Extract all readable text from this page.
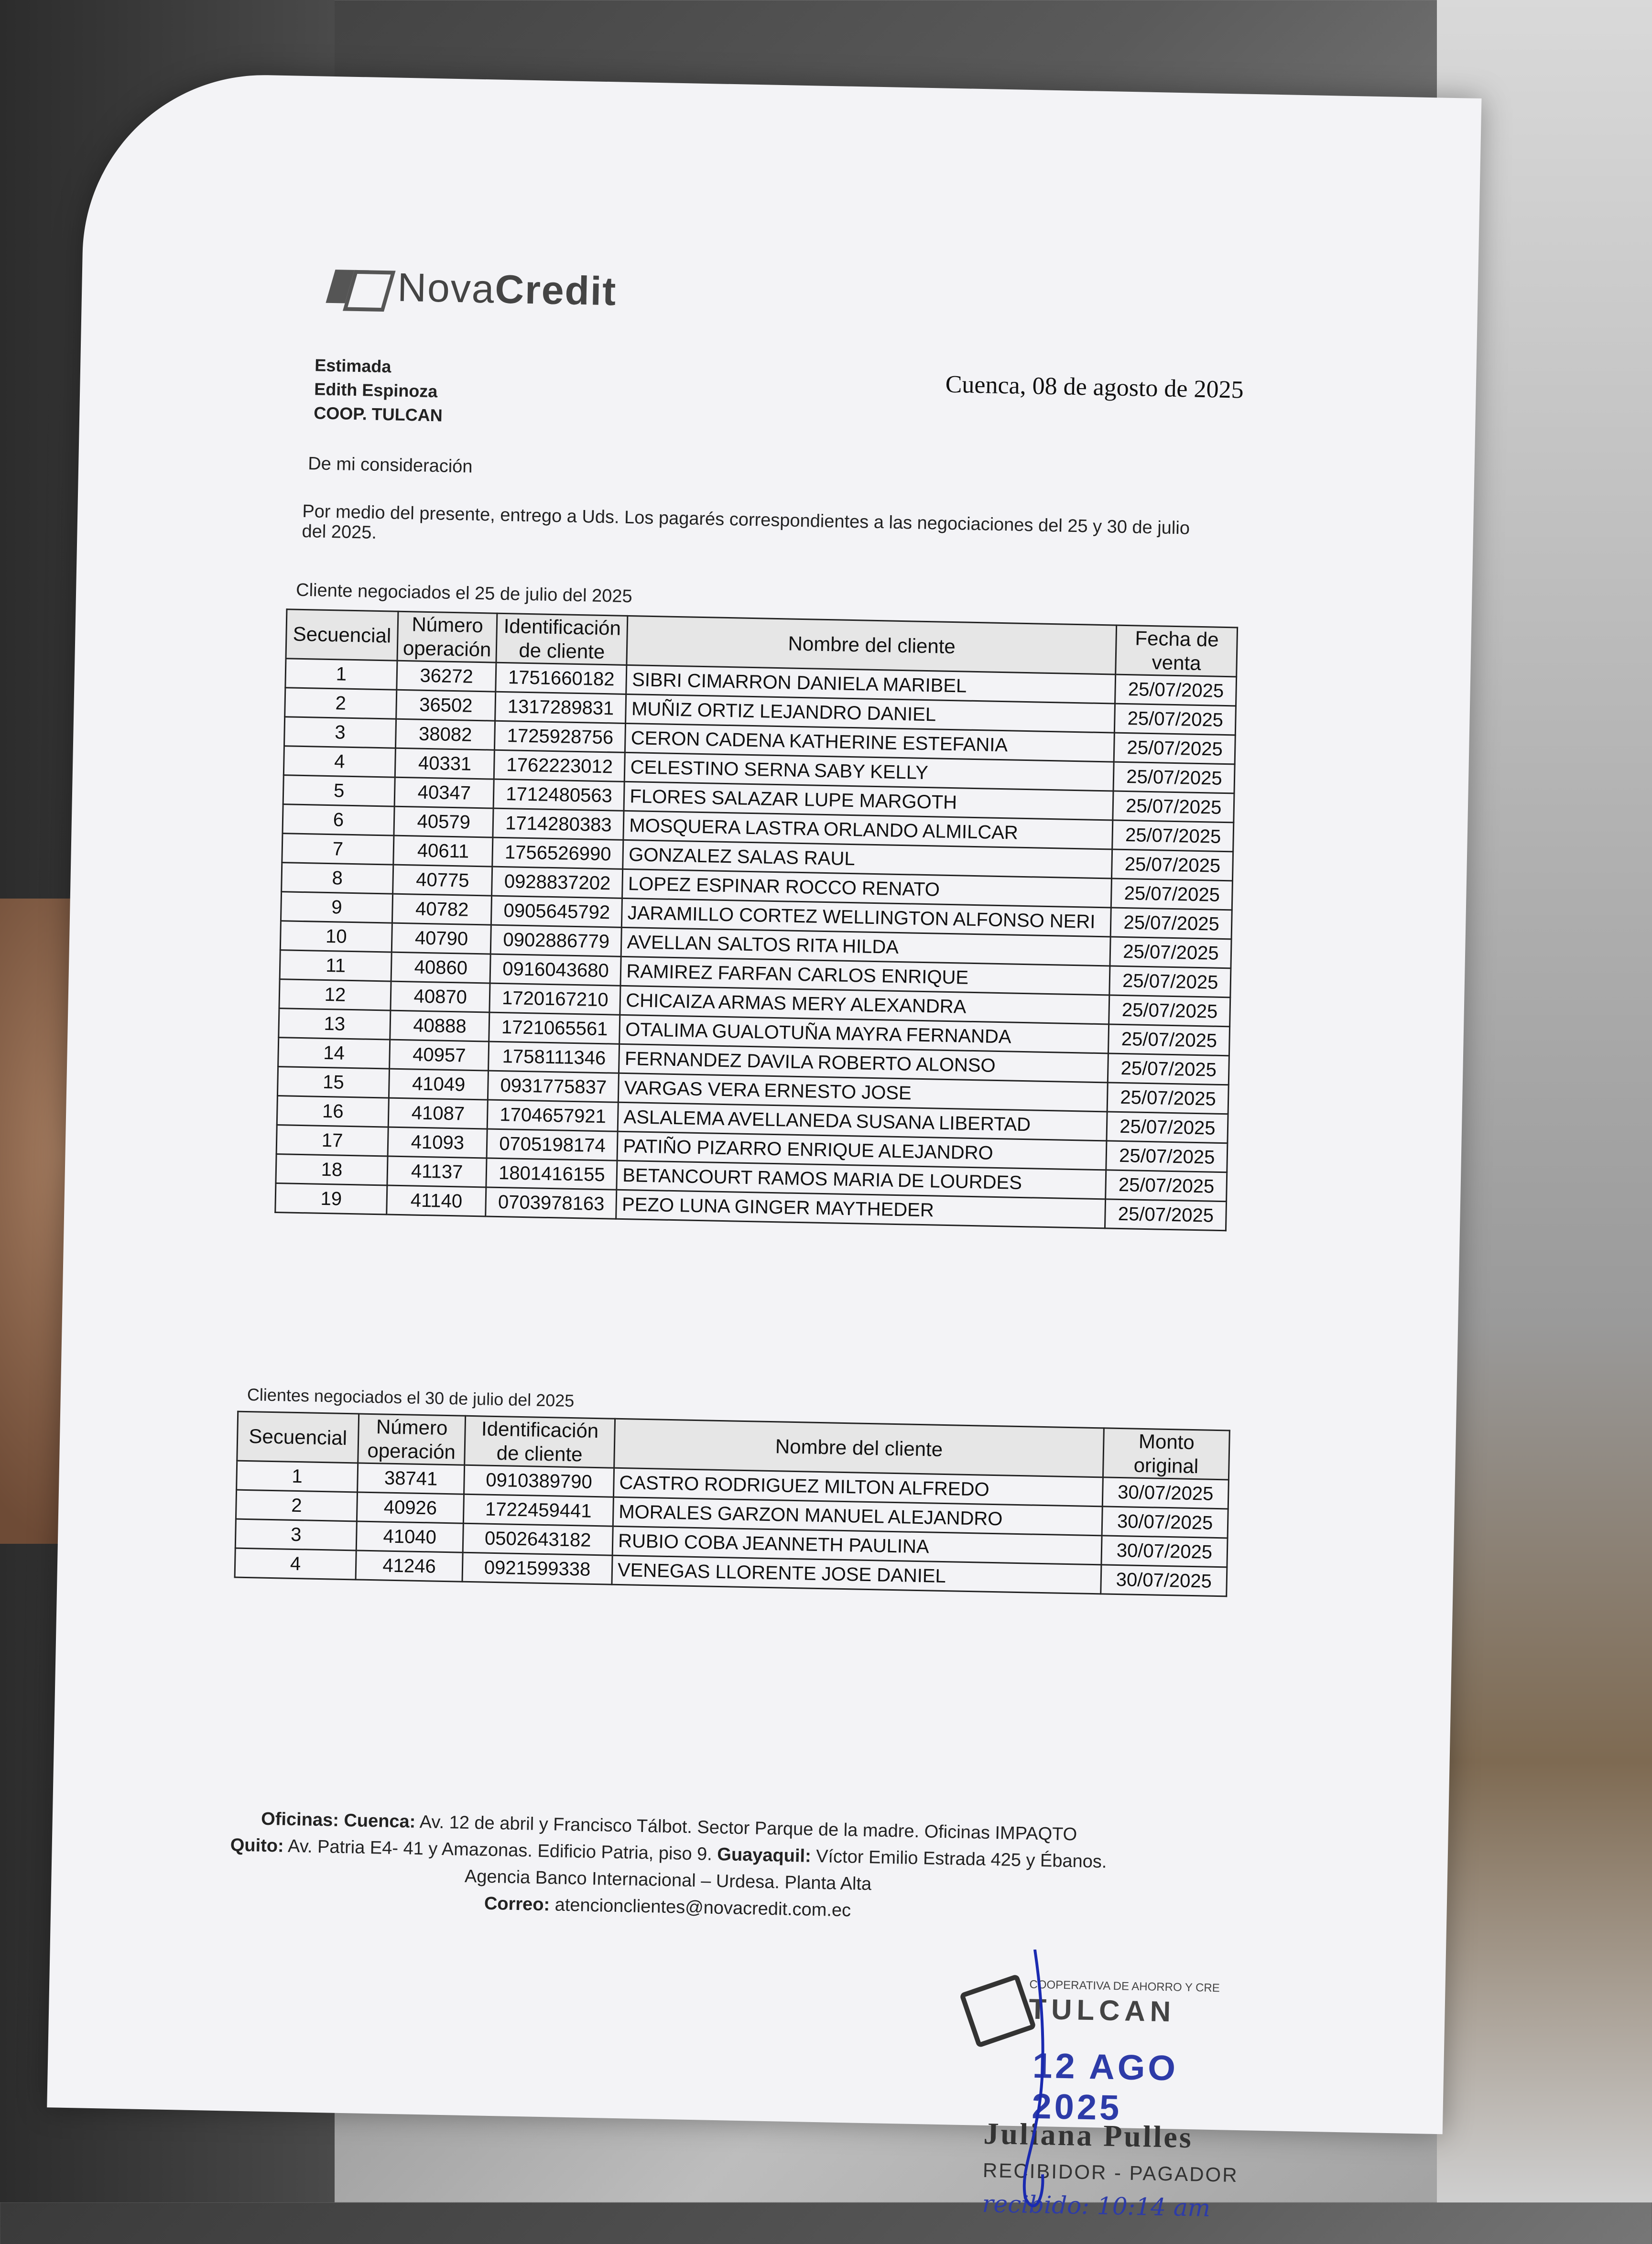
NovaCredit
Estimada
Edith Espinoza
COOP. TULCAN
Cuenca, 08 de agosto de 2025
De mi consideración
Por medio del presente, entrego a Uds. Los pagarés correspondientes a las negociaciones del 25 y 30 de julio del 2025.
Cliente negociados el 25 de julio del 2025
Secuencial	Número operación	Identificación de cliente	Nombre del cliente	Fecha de venta
1	36272	1751660182	SIBRI CIMARRON DANIELA MARIBEL	25/07/2025
2	36502	1317289831	MUÑIZ ORTIZ LEJANDRO DANIEL	25/07/2025
3	38082	1725928756	CERON CADENA KATHERINE ESTEFANIA	25/07/2025
4	40331	1762223012	CELESTINO SERNA SABY KELLY	25/07/2025
5	40347	1712480563	FLORES SALAZAR LUPE MARGOTH	25/07/2025
6	40579	1714280383	MOSQUERA LASTRA ORLANDO ALMILCAR	25/07/2025
7	40611	1756526990	GONZALEZ SALAS RAUL	25/07/2025
8	40775	0928837202	LOPEZ ESPINAR ROCCO RENATO	25/07/2025
9	40782	0905645792	JARAMILLO CORTEZ WELLINGTON ALFONSO NERI	25/07/2025
10	40790	0902886779	AVELLAN SALTOS RITA HILDA	25/07/2025
11	40860	0916043680	RAMIREZ FARFAN CARLOS ENRIQUE	25/07/2025
12	40870	1720167210	CHICAIZA ARMAS MERY ALEXANDRA	25/07/2025
13	40888	1721065561	OTALIMA GUALOTUÑA MAYRA FERNANDA	25/07/2025
14	40957	1758111346	FERNANDEZ DAVILA ROBERTO ALONSO	25/07/2025
15	41049	0931775837	VARGAS VERA ERNESTO JOSE	25/07/2025
16	41087	1704657921	ASLALEMA AVELLANEDA SUSANA LIBERTAD	25/07/2025
17	41093	0705198174	PATIÑO PIZARRO ENRIQUE ALEJANDRO	25/07/2025
18	41137	1801416155	BETANCOURT RAMOS MARIA DE LOURDES	25/07/2025
19	41140	0703978163	PEZO LUNA GINGER MAYTHEDER	25/07/2025
Clientes negociados el 30 de julio del 2025
Secuencial	Número operación	Identificación de cliente	Nombre del cliente	Monto original
1	38741	0910389790	CASTRO RODRIGUEZ MILTON ALFREDO	30/07/2025
2	40926	1722459441	MORALES GARZON MANUEL ALEJANDRO	30/07/2025
3	41040	0502643182	RUBIO COBA JEANNETH PAULINA	30/07/2025
4	41246	0921599338	VENEGAS LLORENTE JOSE DANIEL	30/07/2025
Oficinas: Cuenca: Av. 12 de abril y Francisco Tálbot. Sector Parque de la madre. Oficinas IMPAQTO
Quito: Av. Patria E4- 41 y Amazonas. Edificio Patria, piso 9. Guayaquil: Víctor Emilio Estrada 425 y Ébanos. Agencia Banco Internacional – Urdesa. Planta Alta
Correo: atencionclientes@novacredit.com.ec
COOPERATIVA DE AHORRO Y CRE
TULCAN
12 AGO 2025
Juliana Pulles
RECIBIDOR - PAGADOR
recibido: 10:14 am
